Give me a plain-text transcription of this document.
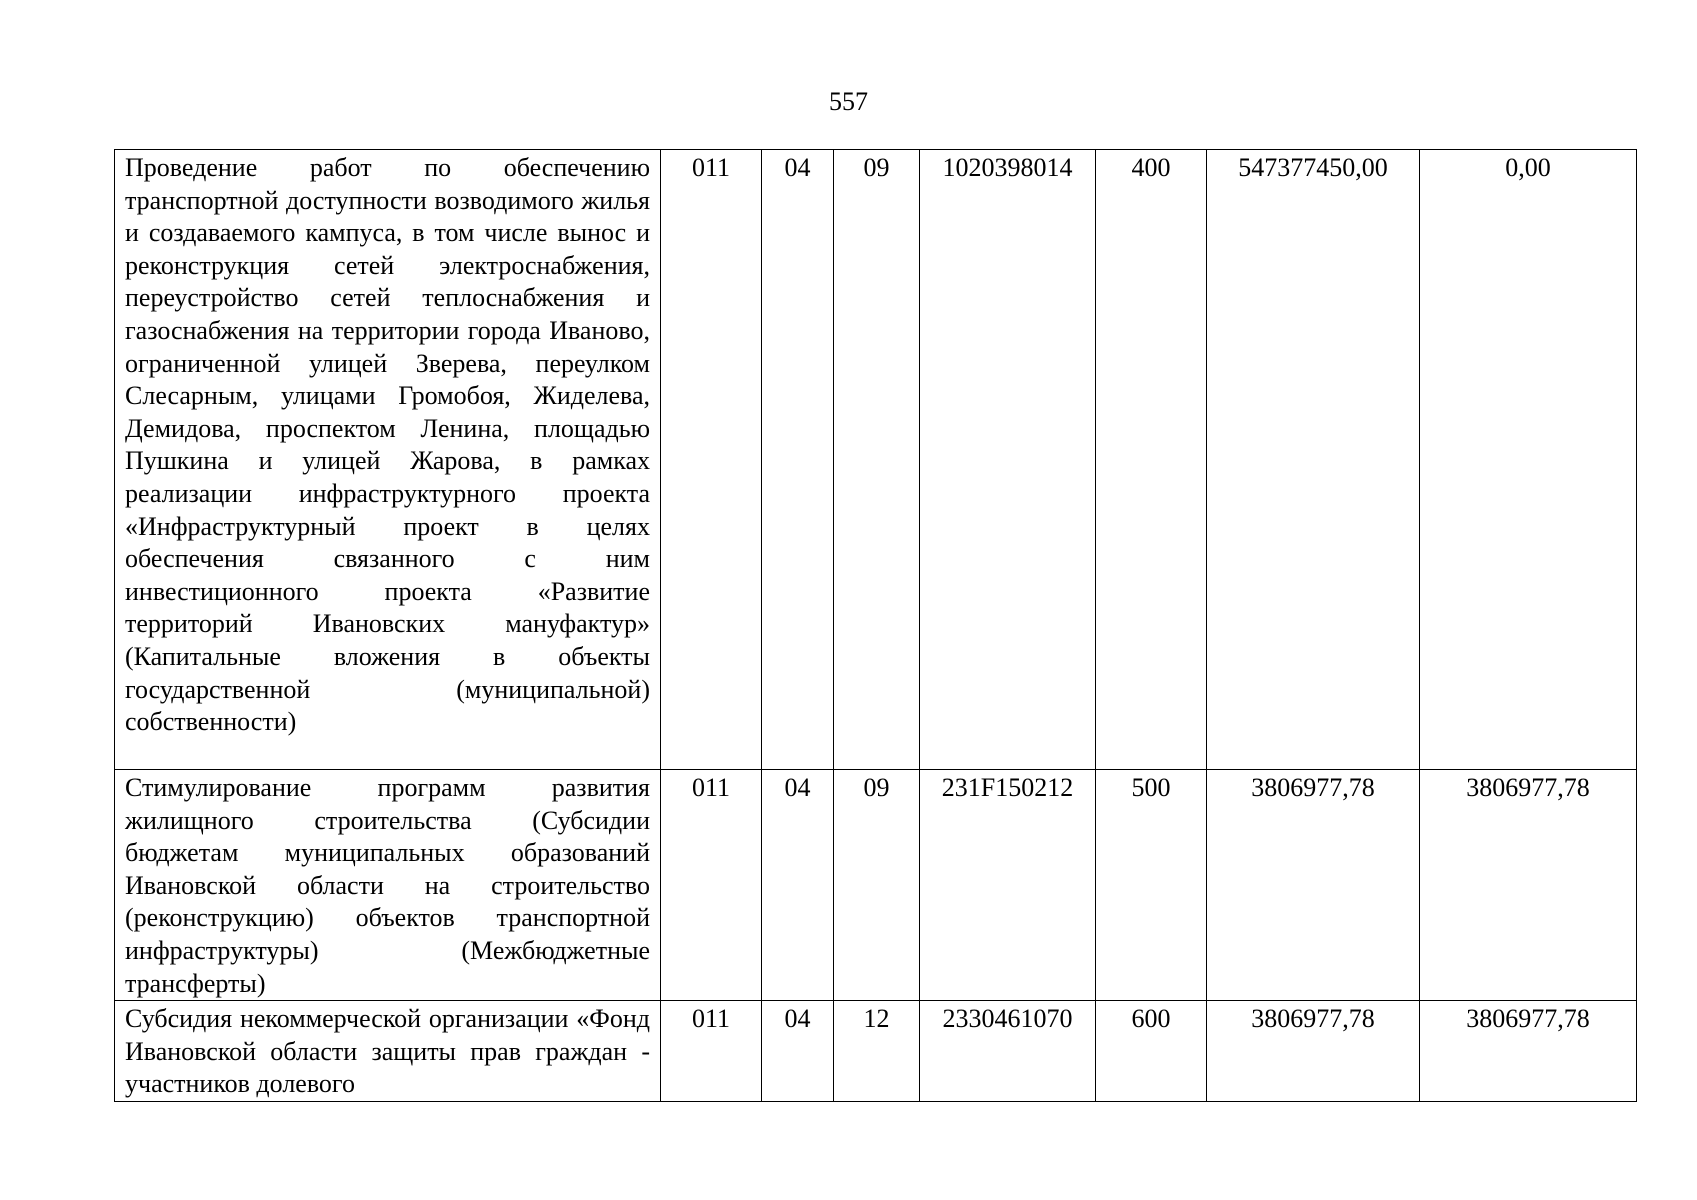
557
Проведение работ по обеспечению транспортной доступности возводимого жилья и создаваемого кампуса, в том числе вынос и реконструкция сетей электроснабжения, переустройство сетей теплоснабжения и газоснабжения на территории города Иваново, ограниченной улицей Зверева, переулком Слесарным, улицами Громобоя, Жиделева, Демидова, проспектом Ленина, площадью Пушкина и улицей Жарова, в рамках реализации инфраструктурного проекта «Инфраструктурный проект в целях обеспечения связанного с ним инвестиционного проекта «Развитие территорий Ивановских мануфактур» (Капитальные вложения в объекты государственной (муниципальной) собственности)	011	04	09	1020398014	400	547377450,00	0,00
Стимулирование программ развития жилищного строительства (Субсидии бюджетам муниципальных образований Ивановской области на строительство (реконструкцию) объектов транспортной инфраструктуры) (Межбюджетные трансферты)	011	04	09	231F150212	500	3806977,78	3806977,78
Субсидия некоммерческой организации «Фонд Ивановской области защиты прав граждан - участников долевого	011	04	12	2330461070	600	3806977,78	3806977,78
